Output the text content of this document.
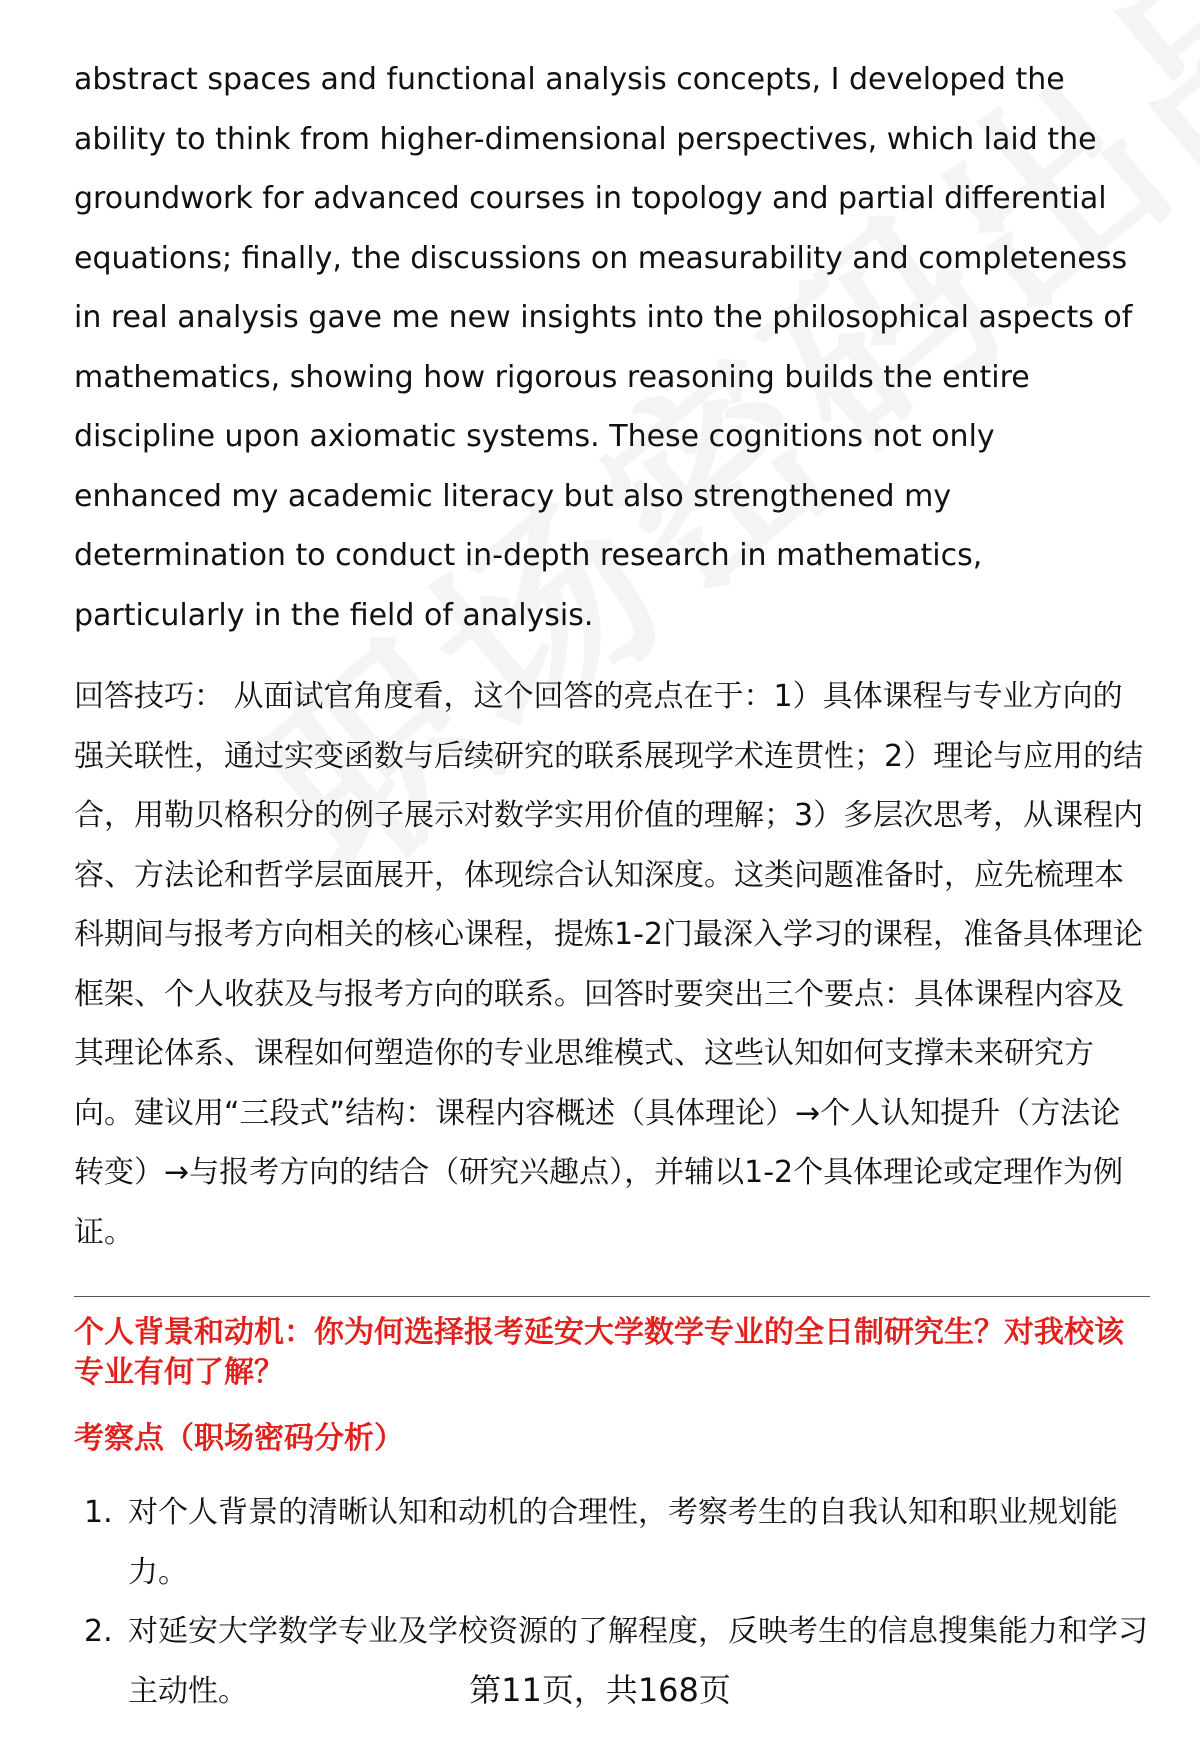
abstract spaces and functional analysis concepts, I developed the ability to think from higher-dimensional perspectives, which laid the groundwork for advanced courses in topology and partial differential equations; finally, the discussions on measurability and completeness in real analysis gave me new insights into the philosophical aspects of mathematics, showing how rigorous reasoning builds the entire discipline upon axiomatic systems. These cognitions not only enhanced my academic literacy but also strengthened my determination to conduct in-depth research in mathematics, particularly in the field of analysis.

回答技巧： 从面试官角度看，这个回答的亮点在于：1）具体课程与专业方向的强关联性，通过实变函数与后续研究的联系展现学术连贯性；2）理论与应用的结合，用勒贝格积分的例子展示对数学实用价值的理解；3）多层次思考，从课程内容、方法论和哲学层面展开，体现综合认知深度。这类问题准备时，应先梳理本科期间与报考方向相关的核心课程，提炼1-2门最深入学习的课程，准备具体理论框架、个人收获及与报考方向的联系。回答时要突出三个要点：具体课程内容及其理论体系、课程如何塑造你的专业思维模式、这些认知如何支撑未来研究方向。建议用“三段式”结构：课程内容概述（具体理论）→个人认知提升（方法论转变）→与报考方向的结合（研究兴趣点），并辅以1-2个具体理论或定理作为例证。

个人背景和动机：你为何选择报考延安大学数学专业的全日制研究生？对我校该专业有何了解？
考察点（职场密码分析）
1. 对个人背景的清晰认知和动机的合理性，考察考生的自我认知和职业规划能力。
2. 对延安大学数学专业及学校资源的了解程度，反映考生的信息搜集能力和学习主动性。	第11页，共168页
